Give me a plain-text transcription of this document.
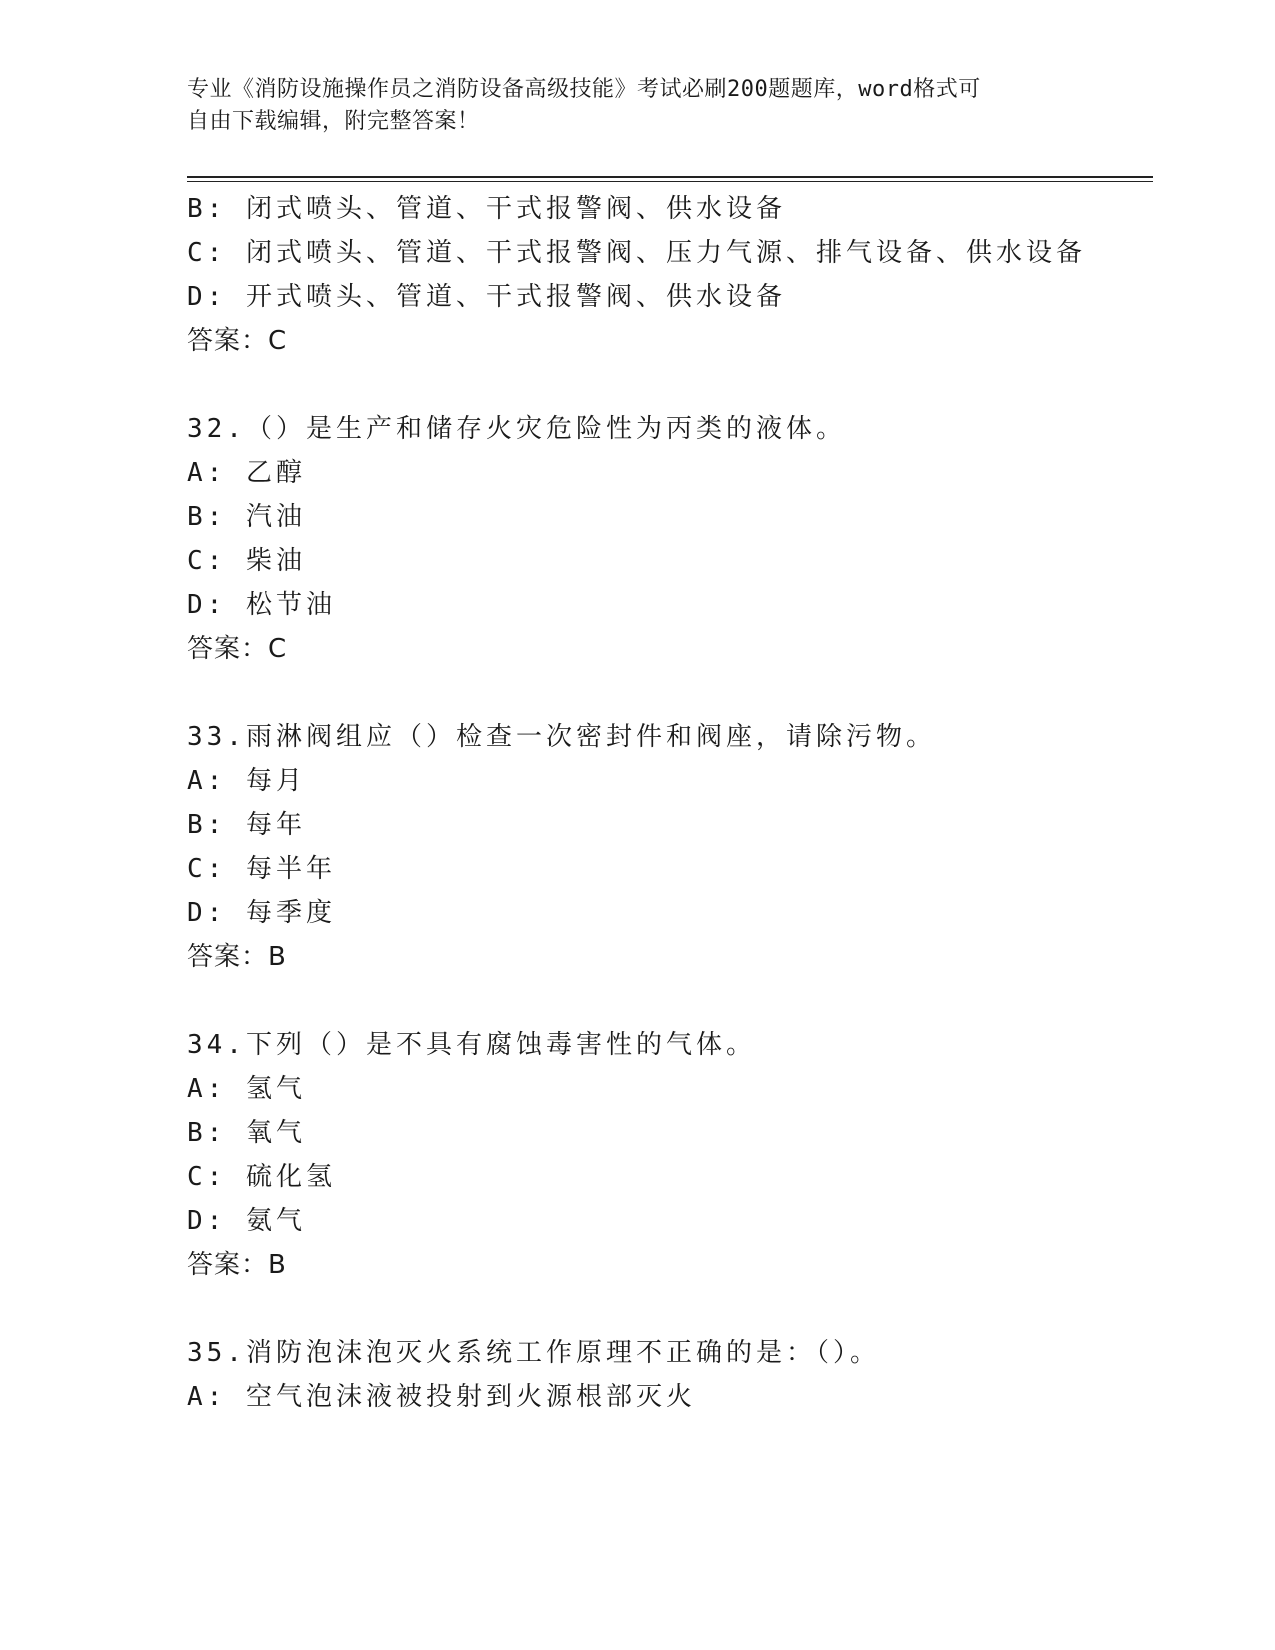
专业《消防设施操作员之消防设备高级技能》考试必刷200题题库，word格式可
自由下载编辑，附完整答案！
B: 闭式喷头、管道、干式报警阀、供水设备
C: 闭式喷头、管道、干式报警阀、压力气源、排气设备、供水设备
D: 开式喷头、管道、干式报警阀、供水设备
答案：C
32.（）是生产和储存火灾危险性为丙类的液体。
A: 乙醇
B: 汽油
C: 柴油
D: 松节油
答案：C
33.雨淋阀组应（）检查一次密封件和阀座，请除污物。
A: 每月
B: 每年
C: 每半年
D: 每季度
答案：B
34.下列（）是不具有腐蚀毒害性的气体。
A: 氢气
B: 氧气
C: 硫化氢
D: 氨气
答案：B
35.消防泡沫泡灭火系统工作原理不正确的是：（）。
A: 空气泡沫液被投射到火源根部灭火
